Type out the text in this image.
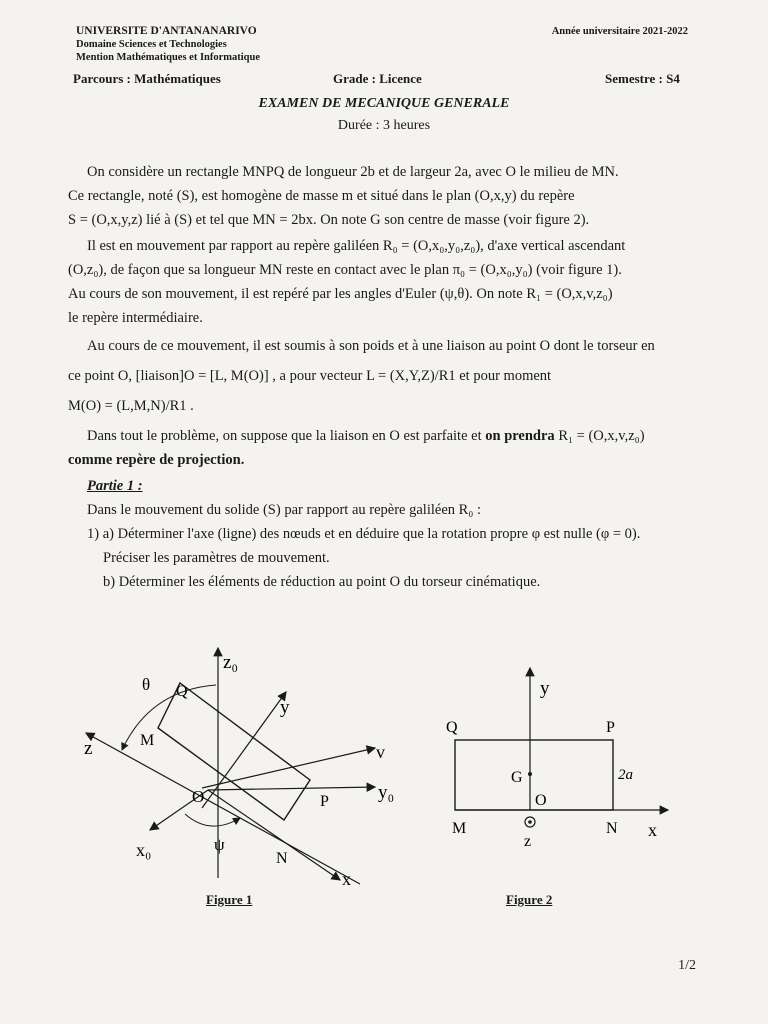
UNIVERSITE D'ANTANANARIVO
Domaine Sciences et Technologies
Mention Mathématiques et Informatique
Année universitaire 2021-2022
Parcours : Mathématiques	Grade : Licence	Semestre : S4
EXAMEN DE MECANIQUE GENERALE
Durée : 3 heures

On considère un rectangle MNPQ de longueur 2b et de largeur 2a, avec O le milieu de MN.

Ce rectangle, noté (S), est homogène de masse m et situé dans le plan (O,x,y) du repère

S = (O,x,y,z) lié à (S) et tel que MN = 2bx. On note G son centre de masse (voir figure 2).

Il est en mouvement par rapport au repère galiléen R₀ = (O,x₀,y₀,z₀), d'axe vertical ascendant

(O,z₀), de façon que sa longueur MN reste en contact avec le plan π₀ = (O,x₀,y₀) (voir figure 1).

Au cours de son mouvement, il est repéré par les angles d'Euler (ψ,θ). On note R₁ = (O,x,v,z₀)

le repère intermédiaire.

Au cours de ce mouvement, il est soumis à son poids et à une liaison au point O dont le torseur en

ce point O, [liaison]O = [L, M(O)] , a pour vecteur L = (X,Y,Z)/R1 et pour moment

M(O) = (L,M,N)/R1 .

Dans tout le problème, on suppose que la liaison en O est parfaite et on prendra R₁ = (O,x,v,z₀)

comme repère de projection.

Partie 1 :

Dans le mouvement du solide (S) par rapport au repère galiléen R₀ :

1) a) Déterminer l'axe (ligne) des nœuds et en déduire que la rotation propre φ est nulle (φ = 0).

Préciser les paramètres de mouvement.

b) Déterminer les éléments de réduction au point O du torseur cinématique.

z₀
θ Q
y
z	M
v
O	P	y₀
x₀	ψ
N
x
y
Q	P
G	2a
O
M	N x
z
Figure 1	Figure 2
1/2
